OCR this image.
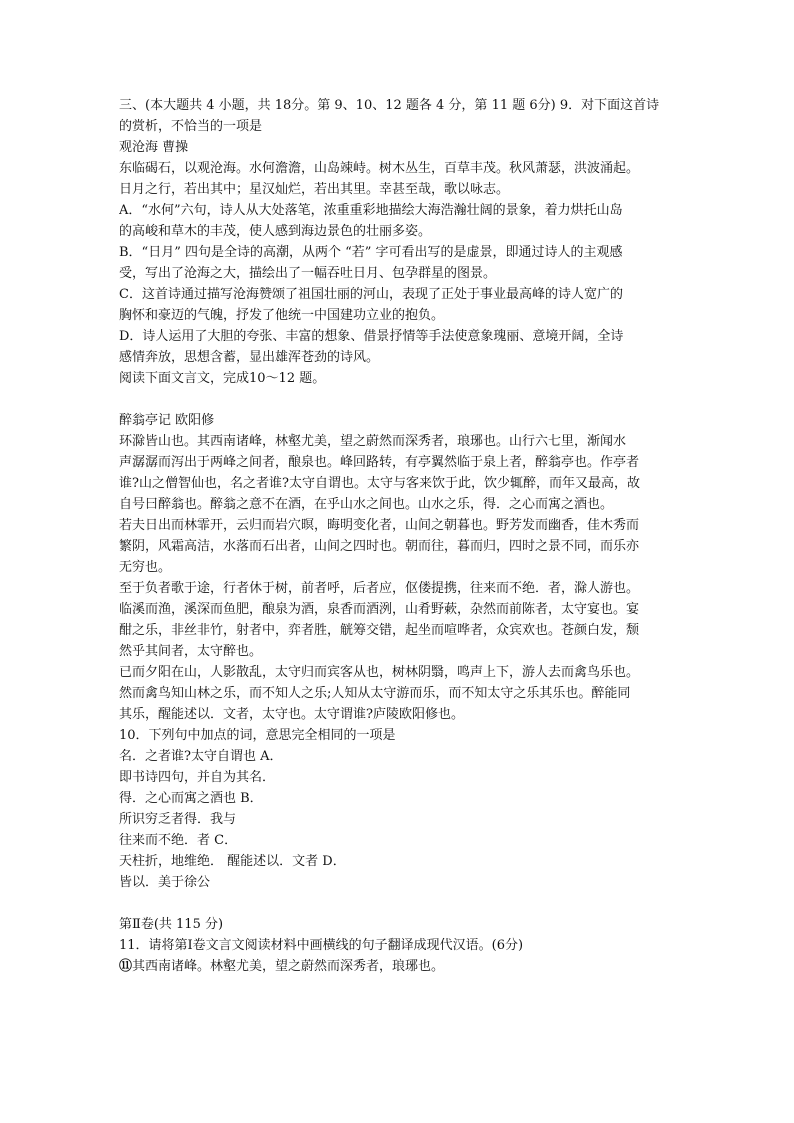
三、(本大题共 4 小题，共 18分。第 9、10、12 题各 4 分，第 11 题 6分) 9．对下面这首诗
的赏析，不恰当的一项是
观沧海 曹操
东临碣石，以观沧海。水何澹澹，山岛竦峙。树木丛生，百草丰茂。秋风萧瑟，洪波涌起。
日月之行，若出其中；星汉灿烂，若出其里。幸甚至哉，歌以咏志。
A．“水何”六句，诗人从大处落笔，浓重重彩地描绘大海浩瀚壮阔的景象，着力烘托山岛
的高峻和草木的丰茂，使人感到海边景色的壮丽多姿。
B．“日月” 四句是全诗的高潮，从两个 “若” 字可看出写的是虚景，即通过诗人的主观感
受，写出了沧海之大，描绘出了一幅吞吐日月、包孕群星的图景。
C．这首诗通过描写沧海赞颂了祖国壮丽的河山，表现了正处于事业最高峰的诗人宽广的
胸怀和豪迈的气魄，抒发了他统一中国建功立业的抱负。
D．诗人运用了大胆的夸张、丰富的想象、借景抒情等手法使意象瑰丽、意境开阔，全诗
感情奔放，思想含蓄，显出雄浑苍劲的诗风。
阅读下面文言文，完成10～12 题。
醉翁亭记 欧阳修
环滁皆山也。其西南诸峰，林壑尤美，望之蔚然而深秀者，琅琊也。山行六七里，渐闻水
声潺潺而泻出于两峰之间者，酿泉也。峰回路转，有亭翼然临于泉上者，醉翁亭也。作亭者
谁?山之僧智仙也，名之者谁?太守自谓也。太守与客来饮于此，饮少辄醉，而年又最高，故
自号曰醉翁也。醉翁之意不在酒，在乎山水之间也。山水之乐，得．之心而寓之酒也。
若夫日出而林霏开，云归而岩穴暝，晦明变化者，山间之朝暮也。野芳发而幽香，佳木秀而
繁阴，风霜高洁，水落而石出者，山间之四时也。朝而往，暮而归，四时之景不同，而乐亦
无穷也。
至于负者歌于途，行者休于树，前者呼，后者应，伛偻提携，往来而不绝．者，滁人游也。
临溪而渔，溪深而鱼肥，酿泉为酒，泉香而酒洌，山肴野蔌，杂然而前陈者，太守宴也。宴
酣之乐，非丝非竹，射者中，弈者胜，觥筹交错，起坐而喧哗者，众宾欢也。苍颜白发，颓
然乎其间者，太守醉也。
已而夕阳在山，人影散乱，太守归而宾客从也，树林阴翳，鸣声上下，游人去而禽鸟乐也。
然而禽鸟知山林之乐，而不知人之乐;人知从太守游而乐，而不知太守之乐其乐也。醉能同
其乐，醒能述以．文者，太守也。太守谓谁?庐陵欧阳修也。
10．下列句中加点的词，意思完全相同的一项是
名．之者谁?太守自谓也 A．
即书诗四句，并自为其名．
得．之心而寓之酒也 B．
所识穷乏者得．我与
往来而不绝．者 C．
天柱折，地维绝． 醒能述以．文者 D．
皆以．美于徐公
第Ⅱ卷(共 115 分)
11．请将第Ⅰ卷文言文阅读材料中画横线的句子翻译成现代汉语。(6分)
⑪其西南诸峰。林壑尤美，望之蔚然而深秀者，琅琊也。
